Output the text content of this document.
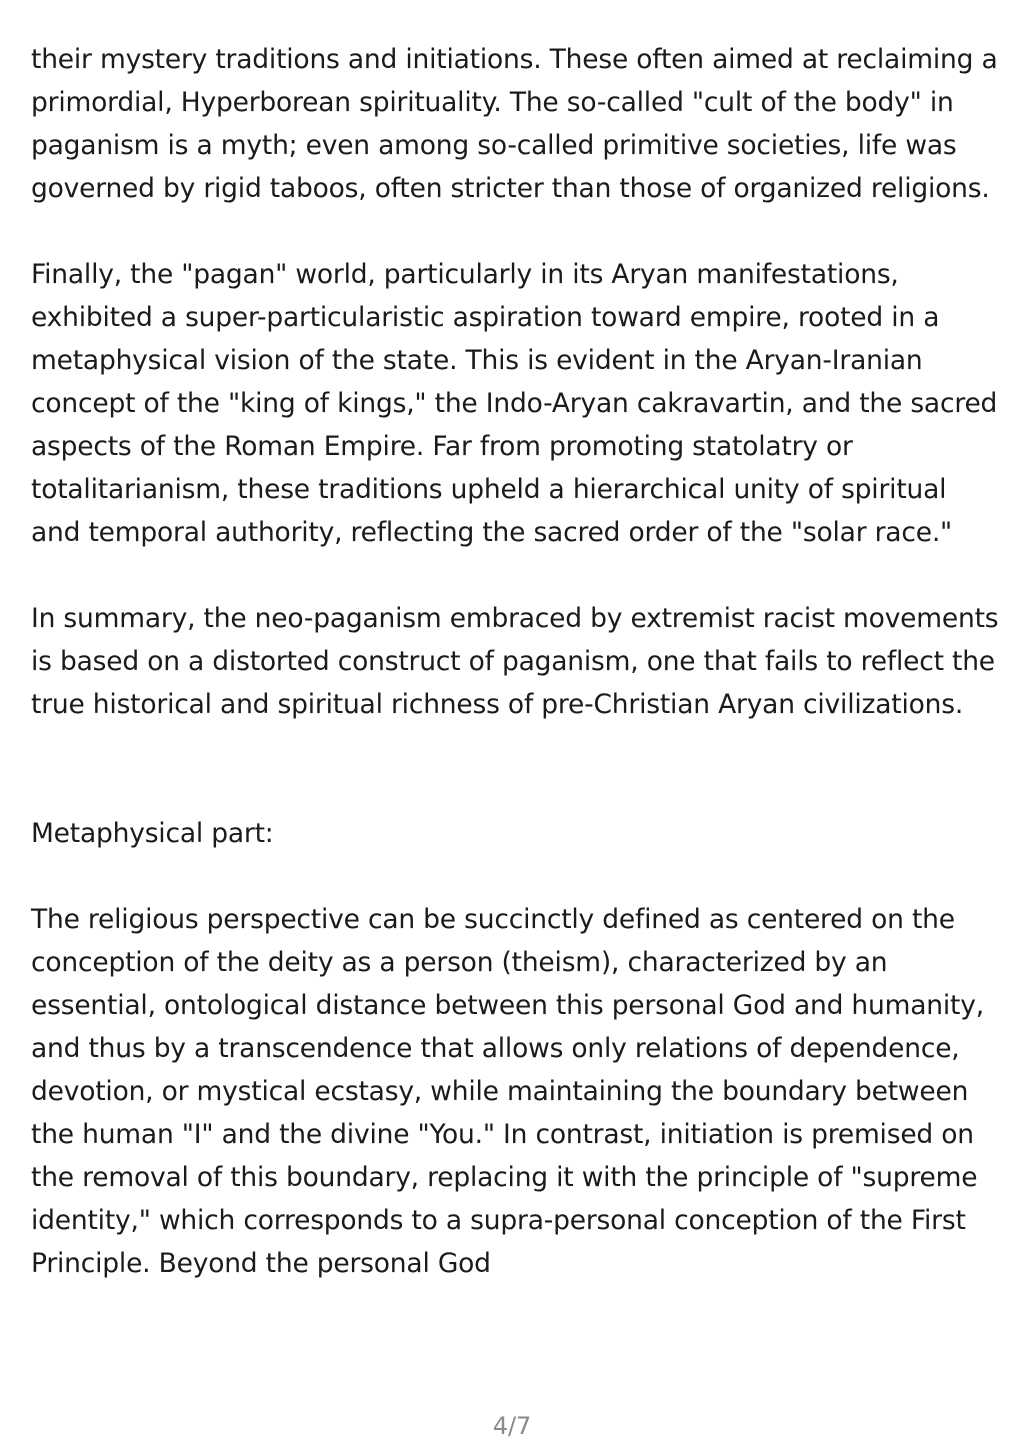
their mystery traditions and initiations. These often aimed at reclaiming a primordial, Hyperborean spirituality. The so-called "cult of the body" in paganism is a myth; even among so-called primitive societies, life was governed by rigid taboos, often stricter than those of organized religions.

Finally, the "pagan" world, particularly in its Aryan manifestations, exhibited a super-particularistic aspiration toward empire, rooted in a metaphysical vision of the state. This is evident in the Aryan-Iranian concept of the "king of kings," the Indo-Aryan cakravartin, and the sacred aspects of the Roman Empire. Far from promoting statolatry or totalitarianism, these traditions upheld a hierarchical unity of spiritual and temporal authority, reflecting the sacred order of the "solar race."

In summary, the neo-paganism embraced by extremist racist movements is based on a distorted construct of paganism, one that fails to reflect the true historical and spiritual richness of pre-Christian Aryan civilizations.

Metaphysical part:

The religious perspective can be succinctly defined as centered on the conception of the deity as a person (theism), characterized by an essential, ontological distance between this personal God and humanity, and thus by a transcendence that allows only relations of dependence, devotion, or mystical ecstasy, while maintaining the boundary between the human "I" and the divine "You." In contrast, initiation is premised on the removal of this boundary, replacing it with the principle of "supreme identity," which corresponds to a supra-personal conception of the First Principle. Beyond the personal God

4/7
